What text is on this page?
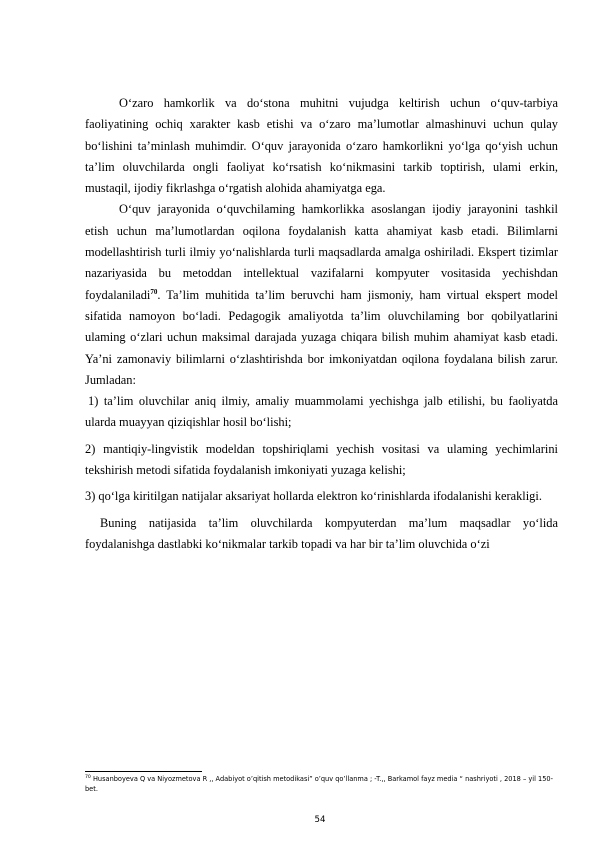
O‘zaro hamkorlik va do‘stona muhitni vujudga keltirish uchun o‘quv-tarbiya faoliyatining ochiq xarakter kasb etishi va o‘zaro ma’lumotlar almashinuvi uchun qulay bo‘lishini ta’minlash muhimdir. O‘quv jarayonida o‘zaro hamkorlikni yo‘lga qo‘yish uchun ta’lim oluvchilarda ongli faoliyat ko‘rsatish ko‘nikmasini tarkib toptirish, ulami erkin, mustaqil, ijodiy fikrlashga o‘rgatish alohida ahamiyatga ega.

O‘quv jarayonida o‘quvchilaming hamkorlikka asoslangan ijodiy jarayonini tashkil etish uchun ma’lumotlardan oqilona foydalanish katta ahamiyat kasb etadi. Bilimlarni modellashtirish turli ilmiy yo‘nalishlarda turli maqsadlarda amalga oshiriladi. Ekspert tizimlar nazariyasida bu metoddan intellektual vazifalarni kompyuter vositasida yechishdan foydalaniladi$^{70}$. Ta’lim muhitida ta’lim beruvchi ham jismoniy, ham virtual ekspert model sifatida namoyon bo‘ladi. Pedagogik amaliyotda ta’lim oluvchilaming bor qobilyatlarini ulaming o‘zlari uchun maksimal darajada yuzaga chiqara bilish muhim ahamiyat kasb etadi. Ya’ni zamonaviy bilimlarni o‘zlashtirishda bor imkoniyatdan oqilona foydalana bilish zarur. Jumladan:

1) ta’lim oluvchilar aniq ilmiy, amaliy muammolami yechishga jalb etilishi, bu faoliyatda ularda muayyan qiziqishlar hosil bo‘lishi;

2) mantiqiy-lingvistik modeldan topshiriqlami yechish vositasi va ulaming yechimlarini tekshirish metodi sifatida foydalanish imkoniyati yuzaga kelishi;

3) qo‘lga kiritilgan natijalar aksariyat hollarda elektron ko‘rinishlarda ifodalanishi kerakligi.

Buning natijasida ta’lim oluvchilarda kompyuterdan ma’lum maqsadlar yo‘lida foydalanishga dastlabki ko‘nikmalar tarkib topadi va har bir ta’lim oluvchida o‘zi

$^{70}$ Husanboyeva Q va Niyozmetova R ,, Adabiyot o’qitish metodikasi” o’quv qo’llanma ; -T.,, Barkamol fayz media “ nashriyoti , 2018 – yil 150-bet.
54
